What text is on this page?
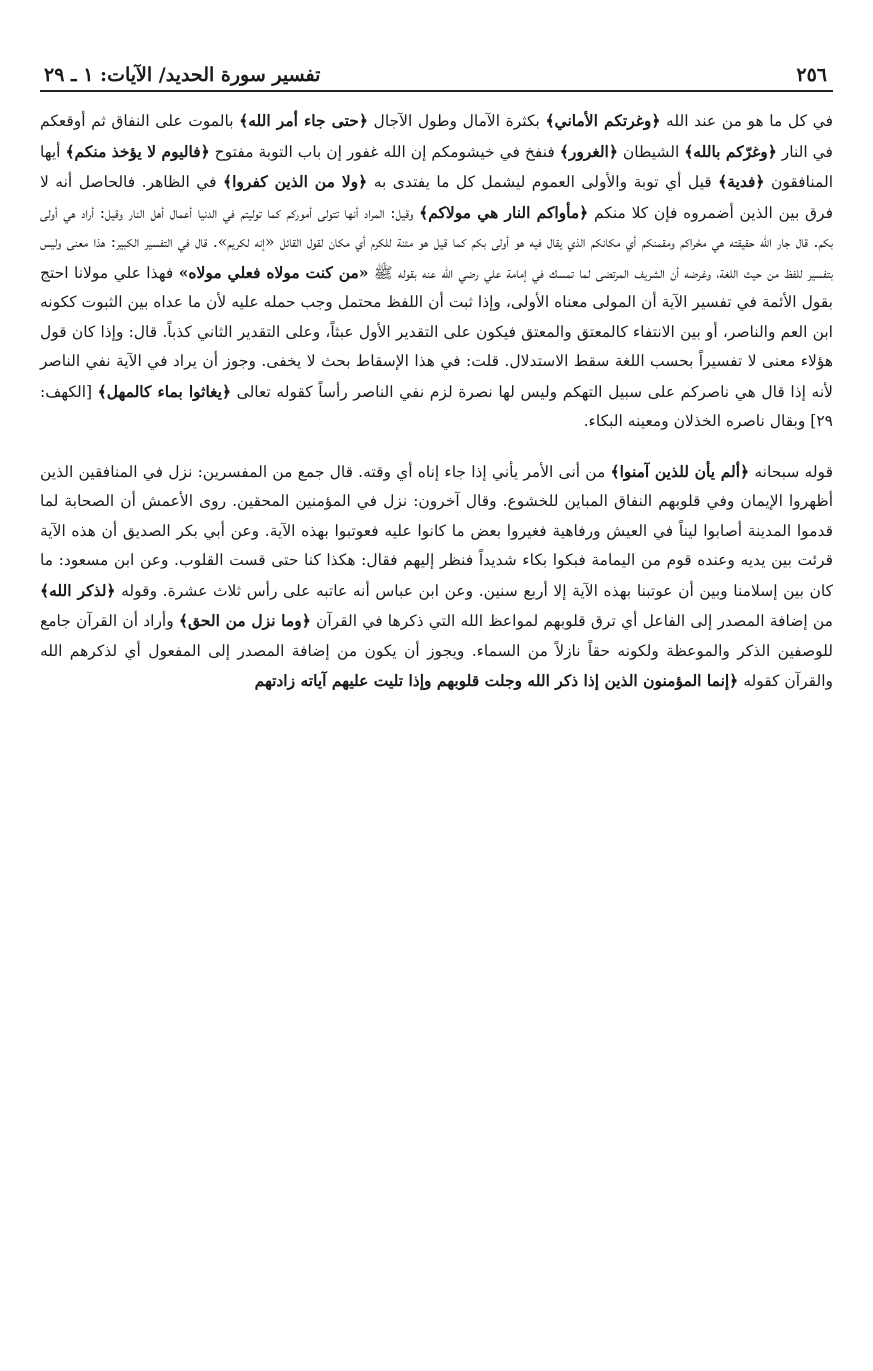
٢٥٦
تفسير سورة الحديد/ الآيات: ١ ـ ٢٩

في كل ما هو من عند الله ﴿وغرتكم الأماني﴾ بكثرة الآمال وطول الآجال ﴿حتى جاء أمر الله﴾ بالموت على النفاق ثم أوقعكم في النار ﴿وغرّكم بالله﴾ الشيطان ﴿الغرور﴾ فنفخ في خيشومكم إن الله غفور إن باب التوبة مفتوح ﴿فاليوم لا يؤخذ منكم﴾ أيها المنافقون ﴿فدية﴾ قيل أي توبة والأولى العموم ليشمل كل ما يفتدى به ﴿ولا من الذين كفروا﴾ في الظاهر. فالحاصل أنه لا فرق بين الذين أضمروه فإن كلا منكم ﴿مأواكم النار هي مولاكم﴾ وقيل: المراد أنها تتولى أموركم كما توليتم في الدنيا أعمال أهل النار وقيل: أراد هي أولى بكم. قال جار الله حقيقته هي محْراكم ومقمنكم أي مكانكم الذي يقال فيه هو أولى بكم كما قيل هو مئنة للكرم أي مكان لقول القائل «إنه لكريم». قال في التفسير الكبير: هذا معنى وليس بتفسير للفظ من حيث اللغة، وغرضه أن الشريف المرتضى لما تمسك في إمامة علي رضي الله عنه بقوله ﷺ «من كنت مولاه فعلي مولاه» فهذا علي مولانا احتج بقول الأئمة في تفسير الآية أن المولى معناه الأولى، وإذا ثبت أن اللفظ محتمل وجب حمله عليه لأن ما عداه بين الثبوت ككونه ابن العم والناصر، أو بين الانتفاء كالمعتق والمعتق فيكون على التقدير الأول عبثاً، وعلى التقدير الثاني كذباً. قال: وإذا كان قول هؤلاء معنى لا تفسيراً بحسب اللغة سقط الاستدلال. قلت: في هذا الإسقاط بحث لا يخفى. وجوز أن يراد في الآية نفي الناصر لأنه إذا قال هي ناصركم على سبيل التهكم وليس لها نصرة لزم نفي الناصر رأساً كقوله تعالى ﴿يغاثوا بماء كالمهل﴾ [الكهف: ٢٩] وبقال ناصره الخذلان ومعينه البكاء.

قوله سبحانه ﴿ألم يأن للذين آمنوا﴾ من أنى الأمر يأني إذا جاء إناه أي وقته. قال جمع من المفسرين: نزل في المنافقين الذين أظهروا الإيمان وفي قلوبهم النفاق المباين للخشوع. وقال آخرون: نزل في المؤمنين المحقين. روى الأعمش أن الصحابة لما قدموا المدينة أصابوا ليناً في العيش ورفاهية فغيروا بعض ما كانوا عليه فعوتبوا بهذه الآية. وعن أبي بكر الصديق أن هذه الآية قرئت بين يديه وعنده قوم من اليمامة فبكوا بكاء شديداً فنظر إليهم فقال: هكذا كنا حتى قست القلوب. وعن ابن مسعود: ما كان بين إسلامنا وبين أن عوتبنا بهذه الآية إلا أربع سنين. وعن ابن عباس أنه عاتبه على رأس ثلاث عشرة. وقوله ﴿لذكر الله﴾ من إضافة المصدر إلى الفاعل أي ترق قلوبهم لمواعظ الله التي ذكرها في القرآن ﴿وما نزل من الحق﴾ وأراد أن القرآن جامع للوصفين الذكر والموعظة ولكونه حقاً نازلاً من السماء. ويجوز أن يكون من إضافة المصدر إلى المفعول أي لذكرهم الله والقرآن كقوله ﴿إنما المؤمنون الذين إذا ذكر الله وجلت قلوبهم وإذا تليت عليهم آياته زادتهم
